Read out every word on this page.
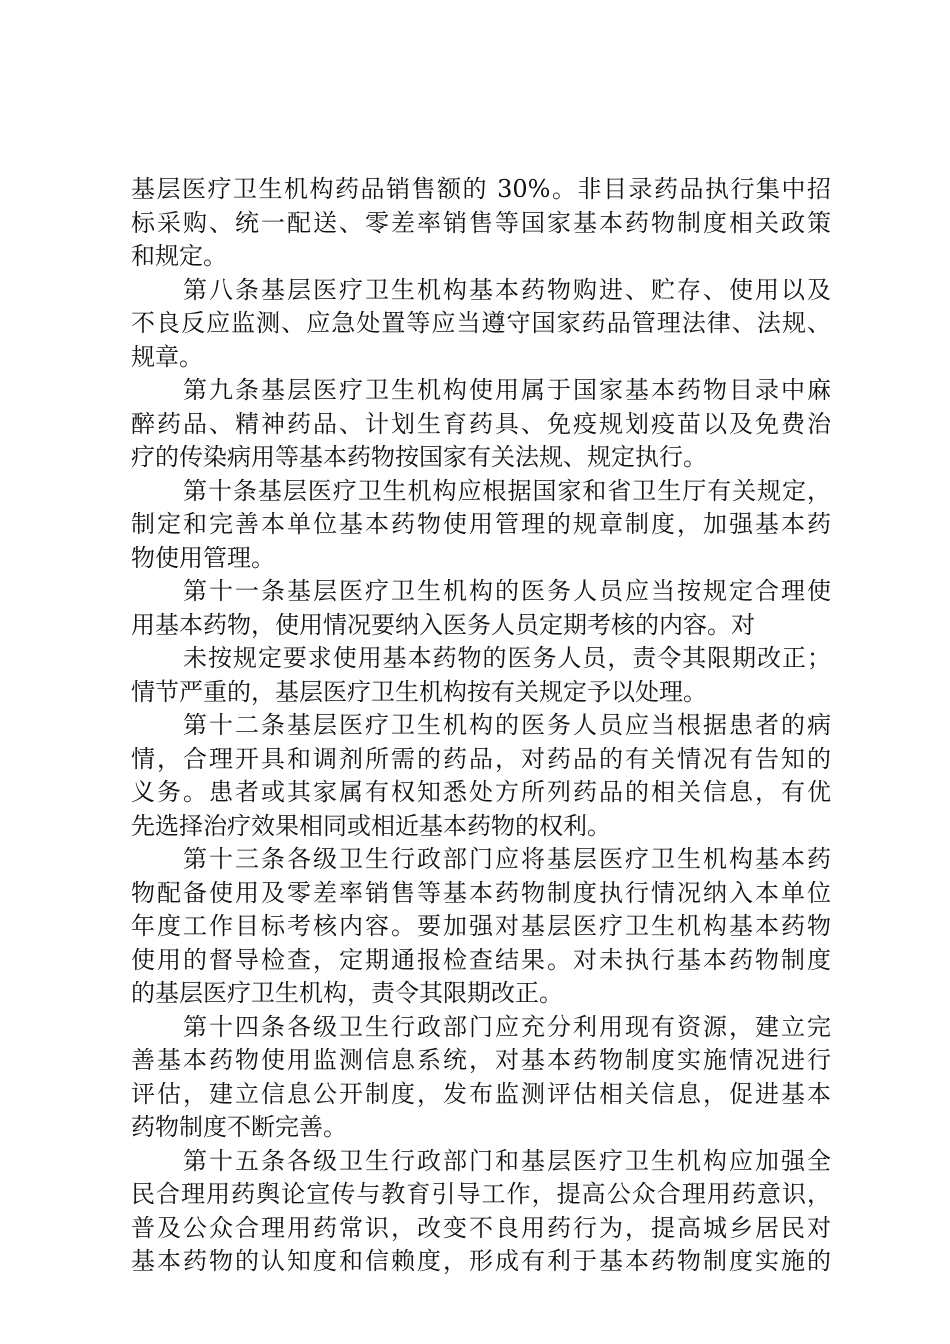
基层医疗卫生机构药品销售额的 30%。非目录药品执行集中招
标采购、统一配送、零差率销售等国家基本药物制度相关政策
和规定。
第八条基层医疗卫生机构基本药物购进、贮存、使用以及
不良反应监测、应急处置等应当遵守国家药品管理法律、法规、
规章。
第九条基层医疗卫生机构使用属于国家基本药物目录中麻
醉药品、精神药品、计划生育药具、免疫规划疫苗以及免费治
疗的传染病用等基本药物按国家有关法规、规定执行。
第十条基层医疗卫生机构应根据国家和省卫生厅有关规定，
制定和完善本单位基本药物使用管理的规章制度，加强基本药
物使用管理。
第十一条基层医疗卫生机构的医务人员应当按规定合理使
用基本药物，使用情况要纳入医务人员定期考核的内容。对
未按规定要求使用基本药物的医务人员，责令其限期改正；
情节严重的，基层医疗卫生机构按有关规定予以处理。
第十二条基层医疗卫生机构的医务人员应当根据患者的病
情，合理开具和调剂所需的药品，对药品的有关情况有告知的
义务。患者或其家属有权知悉处方所列药品的相关信息，有优
先选择治疗效果相同或相近基本药物的权利。
第十三条各级卫生行政部门应将基层医疗卫生机构基本药
物配备使用及零差率销售等基本药物制度执行情况纳入本单位
年度工作目标考核内容。要加强对基层医疗卫生机构基本药物
使用的督导检查，定期通报检查结果。对未执行基本药物制度
的基层医疗卫生机构，责令其限期改正。
第十四条各级卫生行政部门应充分利用现有资源，建立完
善基本药物使用监测信息系统，对基本药物制度实施情况进行
评估，建立信息公开制度，发布监测评估相关信息，促进基本
药物制度不断完善。
第十五条各级卫生行政部门和基层医疗卫生机构应加强全
民合理用药舆论宣传与教育引导工作，提高公众合理用药意识，
普及公众合理用药常识，改变不良用药行为，提高城乡居民对
基本药物的认知度和信赖度，形成有利于基本药物制度实施的
